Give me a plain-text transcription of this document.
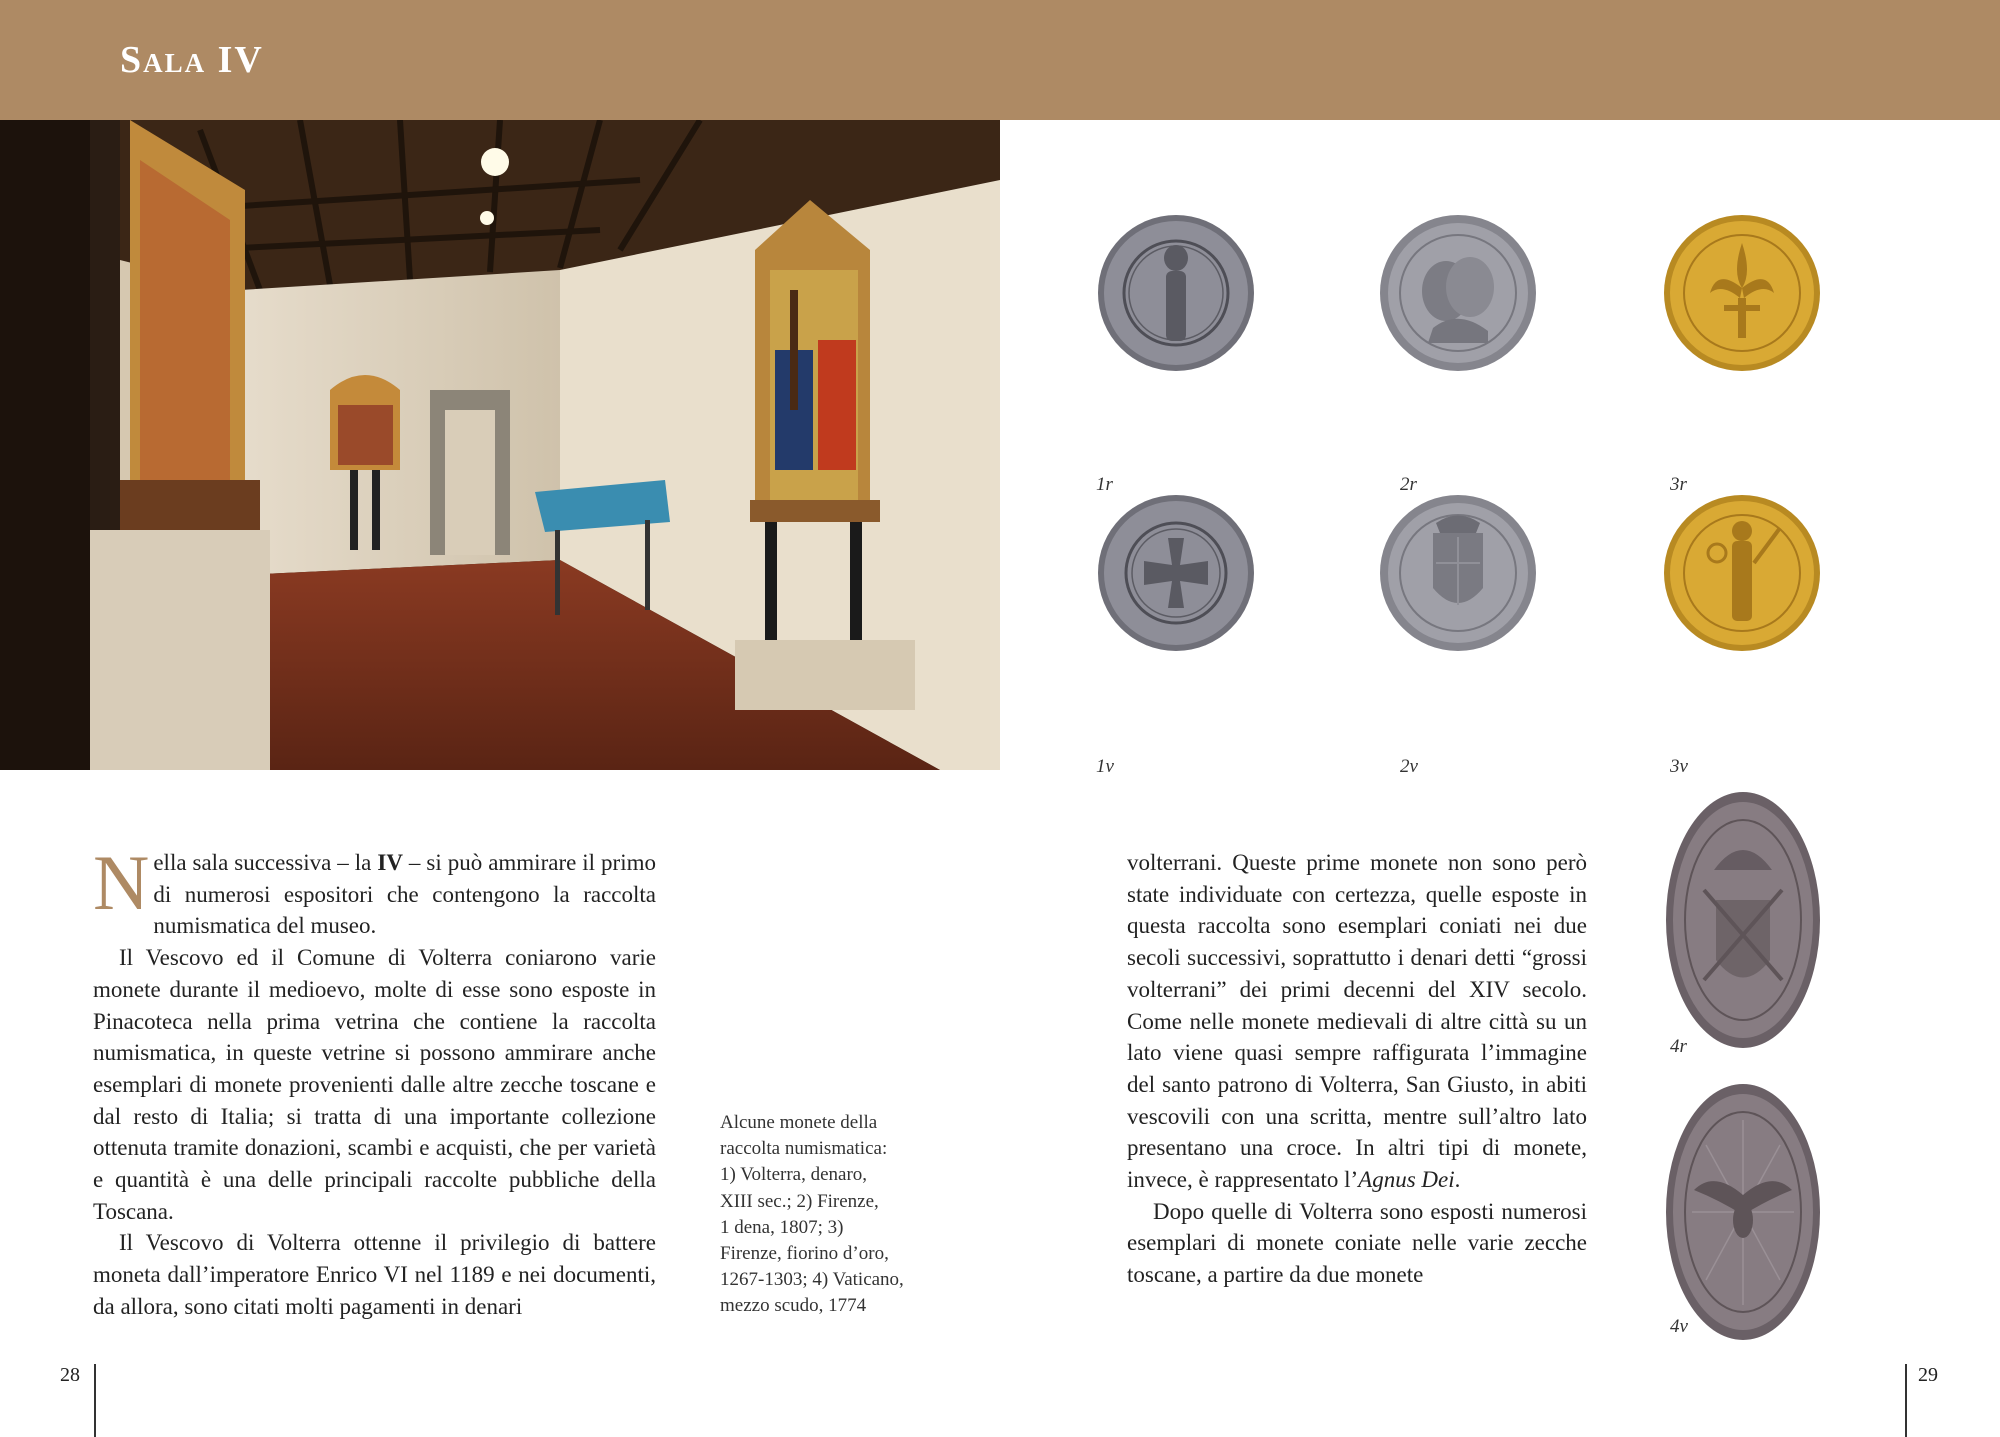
Sala IV
1r	2r	3r
1v	2v	3v
4r
4v

Nella sala successiva – la IV – si può ammirare il primo di numerosi espositori che contengono la raccolta numismatica del museo.

Il Vescovo ed il Comune di Volterra coniarono varie monete durante il medioevo, molte di esse sono esposte in Pinacoteca nella prima vetrina che contiene la raccolta numismatica, in queste vetrine si possono ammirare anche esemplari di monete provenienti dalle altre zecche toscane e dal resto di Italia; si tratta di una importante collezione ottenuta tramite donazioni, scambi e acquisti, che per varietà e quantità è una delle principali raccolte pubbliche della Toscana.

Il Vescovo di Volterra ottenne il privilegio di battere moneta dall’imperatore Enrico VI nel 1189 e nei documenti, da allora, sono citati molti pagamenti in denari

Alcune monete della
raccolta numismatica:
1) Volterra, denaro,
XIII sec.; 2) Firenze,
1 dena, 1807; 3)
Firenze, fiorino d’oro,
1267-1303; 4) Vaticano,
mezzo scudo, 1774

volterrani. Queste prime monete non sono però state individuate con certezza, quelle esposte in questa raccolta sono esemplari coniati nei due secoli successivi, soprattutto i denari detti “grossi volterrani” dei primi decenni del XIV secolo. Come nelle monete medievali di altre città su un lato viene quasi sempre raffigurata l’immagine del santo patrono di Volterra, San Giusto, in abiti vescovili con una scritta, mentre sull’altro lato presentano una croce. In altri tipi di monete, invece, è rappresentato l’Agnus Dei.

Dopo quelle di Volterra sono esposti numerosi esemplari di monete coniate nelle varie zecche toscane, a partire da due monete

28	29
